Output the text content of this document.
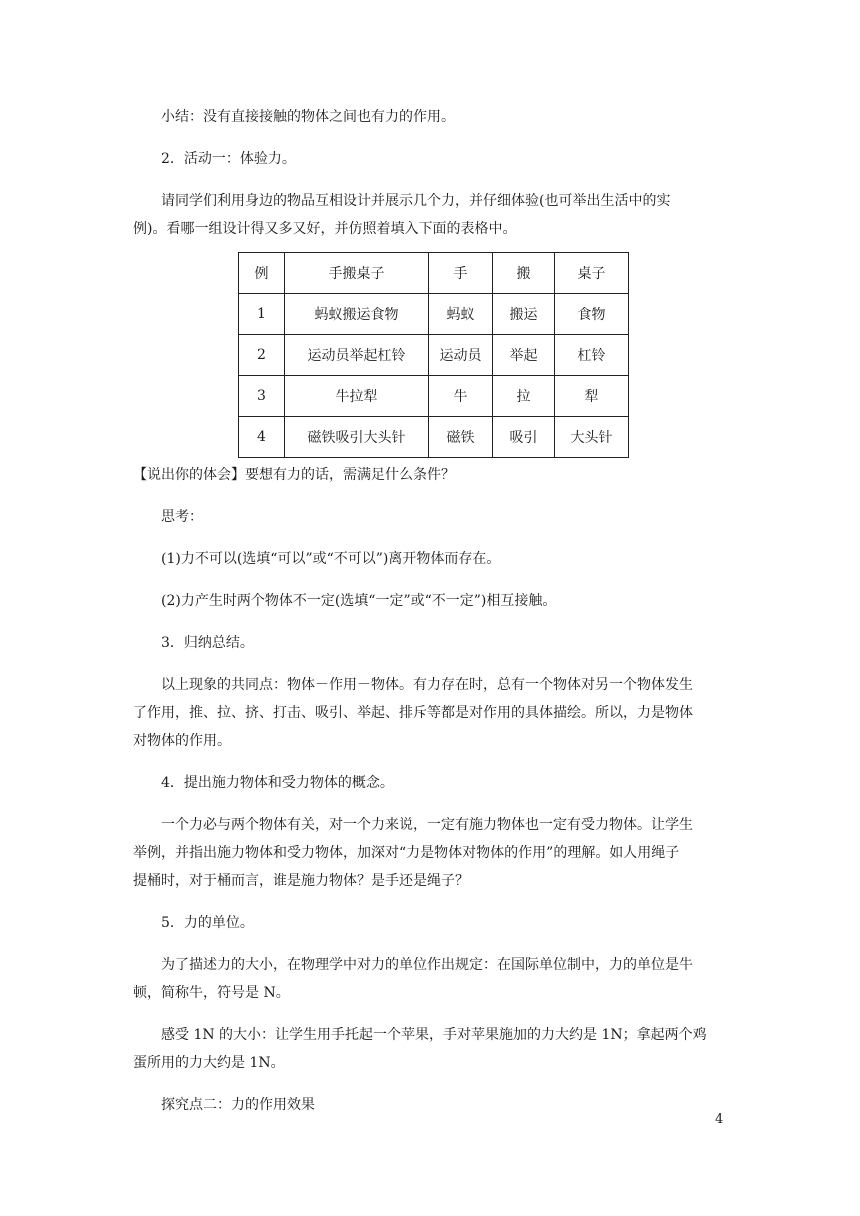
小结：没有直接接触的物体之间也有力的作用。

2．活动一：体验力。

请同学们利用身边的物品互相设计并展示几个力，并仔细体验(也可举出生活中的实

例)。看哪一组设计得又多又好，并仿照着填入下面的表格中。

例	手搬桌子	手	搬	桌子
1	蚂蚁搬运食物	蚂蚁	搬运	食物
2	运动员举起杠铃	运动员	举起	杠铃
3	牛拉犁	牛	拉	犁
4	磁铁吸引大头针	磁铁	吸引	大头针

【说出你的体会】要想有力的话，需满足什么条件？

思考：

(1)力不可以(选填“可以”或“不可以”)离开物体而存在。

(2)力产生时两个物体不一定(选填“一定”或“不一定”)相互接触。

3．归纳总结。

以上现象的共同点：物体－作用－物体。有力存在时，总有一个物体对另一个物体发生

了作用，推、拉、挤、打击、吸引、举起、排斥等都是对作用的具体描绘。所以，力是物体

对物体的作用。

4．提出施力物体和受力物体的概念。

一个力必与两个物体有关，对一个力来说，一定有施力物体也一定有受力物体。让学生

举例，并指出施力物体和受力物体，加深对“力是物体对物体的作用”的理解。如人用绳子

提桶时，对于桶而言，谁是施力物体？是手还是绳子？

5．力的单位。

为了描述力的大小，在物理学中对力的单位作出规定：在国际单位制中，力的单位是牛

顿，简称牛，符号是 N。

感受 1N 的大小：让学生用手托起一个苹果，手对苹果施加的力大约是 1N；拿起两个鸡

蛋所用的力大约是 1N。

探究点二：力的作用效果

4
